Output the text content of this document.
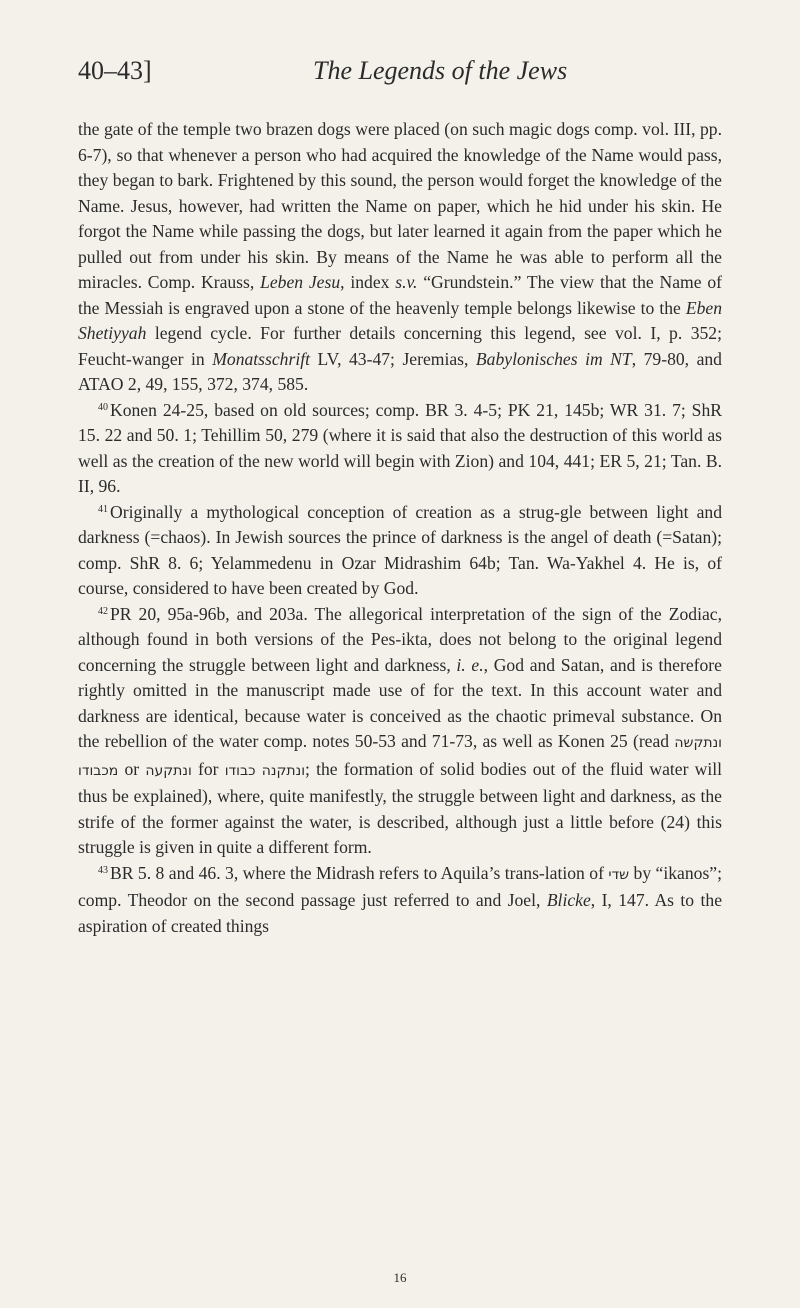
40–43]	The Legends of the Jews

the gate of the temple two brazen dogs were placed (on such magic dogs comp. vol. III, pp. 6-7), so that whenever a person who had acquired the knowledge of the Name would pass, they began to bark. Frightened by this sound, the person would forget the knowledge of the Name. Jesus, however, had written the Name on paper, which he hid under his skin. He forgot the Name while passing the dogs, but later learned it again from the paper which he pulled out from under his skin. By means of the Name he was able to perform all the miracles. Comp. Krauss, Leben Jesu, index s.v. “Grundstein.” The view that the Name of the Messiah is engraved upon a stone of the heavenly temple belongs likewise to the Eben Shetiyyah legend cycle. For further details concerning this legend, see vol. I, p. 352; Feucht-wanger in Monatsschrift LV, 43-47; Jeremias, Babylonisches im NT, 79-80, and ATAO 2, 49, 155, 372, 374, 585.

$^{40}$ Konen 24-25, based on old sources; comp. BR 3. 4-5; PK 21, 145b; WR 31. 7; ShR 15. 22 and 50. 1; Tehillim 50, 279 (where it is said that also the destruction of this world as well as the creation of the new world will begin with Zion) and 104, 441; ER 5, 21; Tan. B. II, 96.

$^{41}$ Originally a mythological conception of creation as a strug-gle between light and darkness (=chaos). In Jewish sources the prince of darkness is the angel of death (=Satan); comp. ShR 8. 6; Yelammedenu in Ozar Midrashim 64b; Tan. Wa-Yakhel 4. He is, of course, considered to have been created by God.

$^{42}$ PR 20, 95a-96b, and 203a. The allegorical interpretation of the sign of the Zodiac, although found in both versions of the Pes-ikta, does not belong to the original legend concerning the struggle between light and darkness, i. e., God and Satan, and is therefore rightly omitted in the manuscript made use of for the text. In this account water and darkness are identical, because water is conceived as the chaotic primeval substance. On the rebellion of the water comp. notes 50-53 and 71-73, as well as Konen 25 (read ונתקשה מכבודו or ונתקעה for ונתקנה כבודו; the formation of solid bodies out of the fluid water will thus be explained), where, quite manifestly, the struggle between light and darkness, as the strife of the former against the water, is described, although just a little before (24) this struggle is given in quite a different form.

$^{43}$ BR 5. 8 and 46. 3, where the Midrash refers to Aquila’s trans-lation of שדי by “ikanos”; comp. Theodor on the second passage just referred to and Joel, Blicke, I, 147. As to the aspiration of created things

16
